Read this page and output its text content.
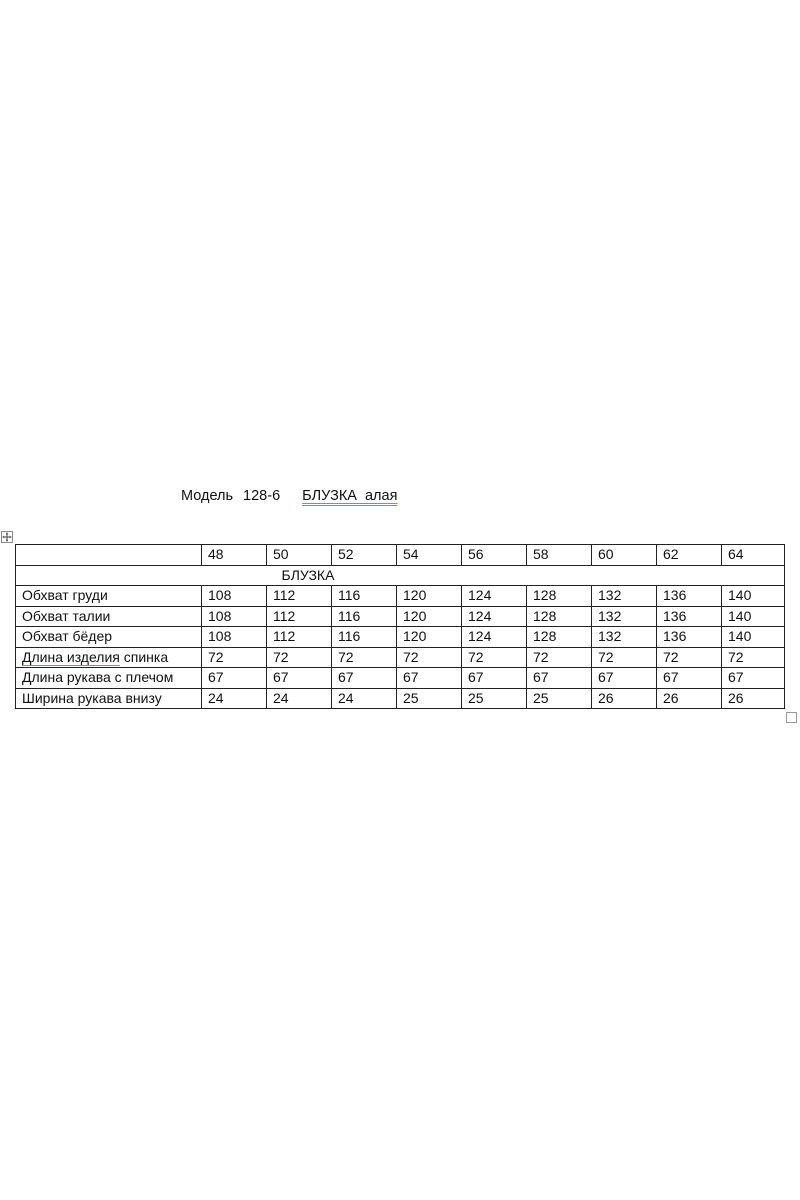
Модель 128-6 БЛУЗКА  алая
	48	50	52	54	56	58	60	62	64
	БЛУЗКА								
Обхват груди	108	112	116	120	124	128	132	136	140
Обхват талии	108	112	116	120	124	128	132	136	140
Обхват бёдер	108	112	116	120	124	128	132	136	140
Длина изделия спинка	72	72	72	72	72	72	72	72	72
Длина рукава с плечом	67	67	67	67	67	67	67	67	67
Ширина рукава внизу	24	24	24	25	25	25	26	26	26
